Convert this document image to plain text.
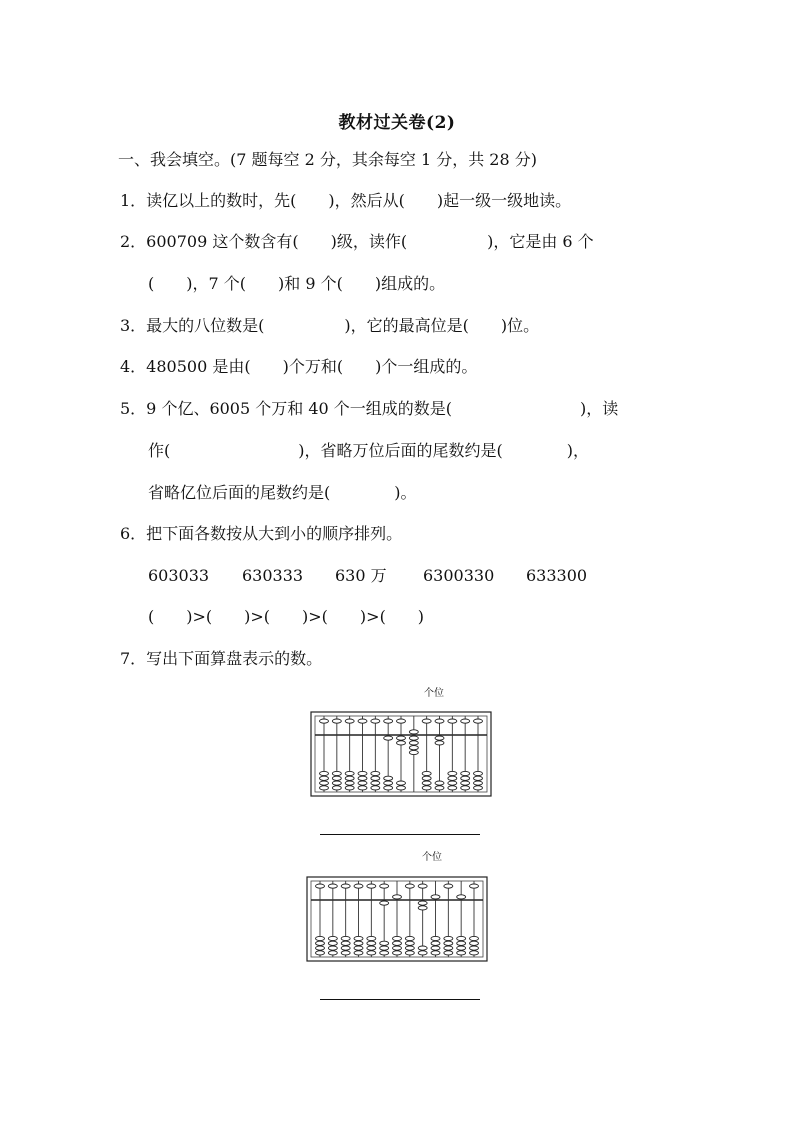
教材过关卷(2)

一、我会填空。(7 题每空 2 分，其余每空 1 分，共 28 分)

1．读亿以上的数时，先(　　)，然后从(　　)起一级一级地读。

2．600709 这个数含有(　　)级，读作(　　　　　)，它是由 6 个

(　　)，7 个(　　)和 9 个(　　)组成的。

3．最大的八位数是(　　　　　)，它的最高位是(　　)位。

4．480500 是由(　　)个万和(　　)个一组成的。

5．9 个亿、6005 个万和 40 个一组成的数是(　　　　　　　　)，读

作(　　　　　　　　)，省略万位后面的尾数约是(　　　　)，

省略亿位后面的尾数约是(　　　　)。

6．把下面各数按从大到小的顺序排列。

603033 630333 630 万 6300330 633300

(　　)>(　　)>(　　)>(　　)>(　　)

7．写出下面算盘表示的数。

个位
个位
